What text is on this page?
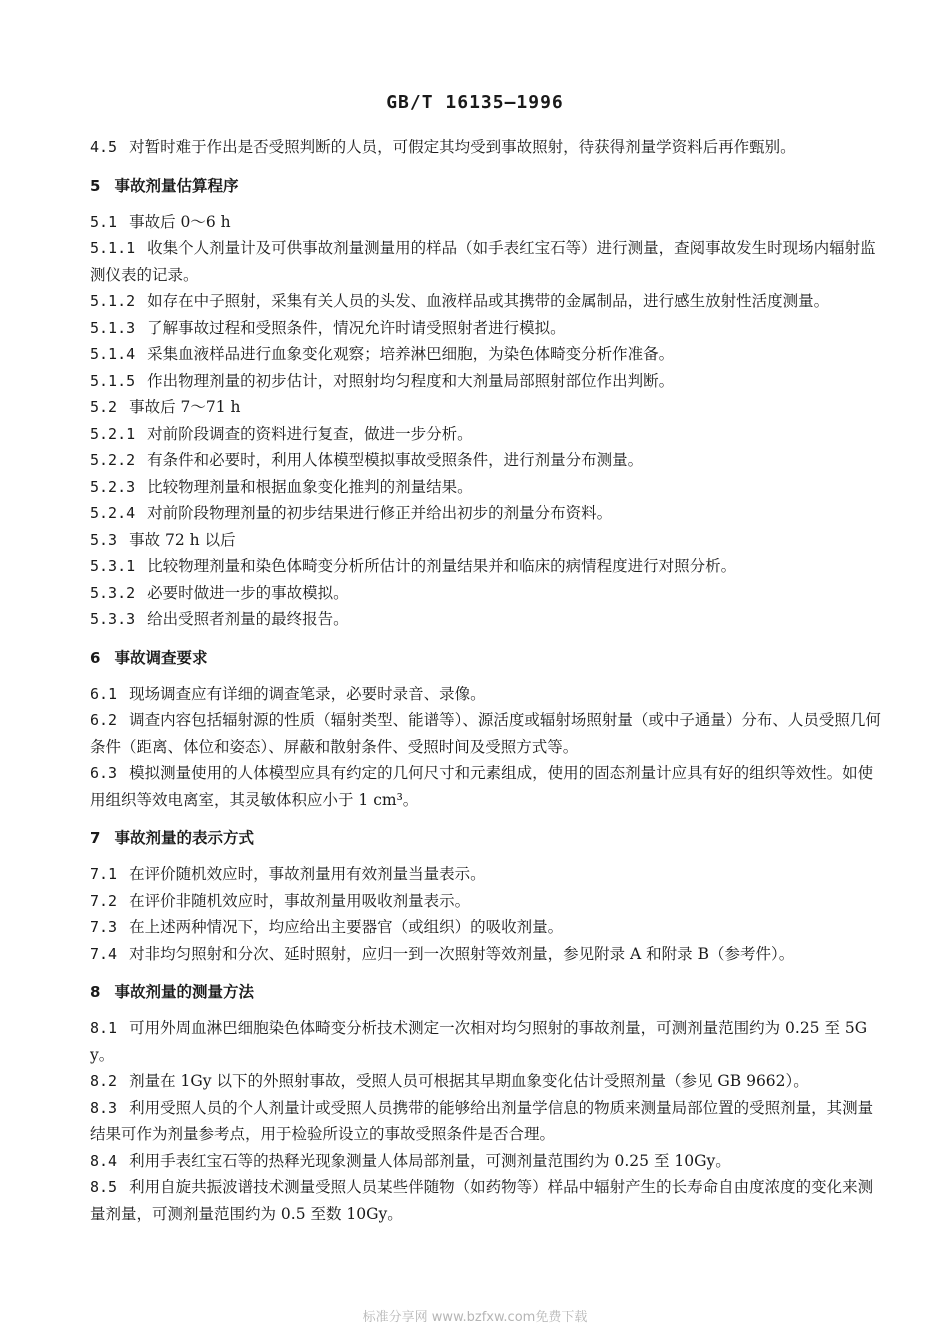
GB/T 16135—1996

4.5 对暂时难于作出是否受照判断的人员，可假定其均受到事故照射，待获得剂量学资料后再作甄别。

5 事故剂量估算程序

5.1 事故后 0～6 h

5.1.1 收集个人剂量计及可供事故剂量测量用的样品（如手表红宝石等）进行测量，查阅事故发生时现场内辐射监测仪表的记录。

5.1.2 如存在中子照射，采集有关人员的头发、血液样品或其携带的金属制品，进行感生放射性活度测量。

5.1.3 了解事故过程和受照条件，情况允许时请受照射者进行模拟。

5.1.4 采集血液样品进行血象变化观察；培养淋巴细胞，为染色体畸变分析作准备。

5.1.5 作出物理剂量的初步估计，对照射均匀程度和大剂量局部照射部位作出判断。

5.2 事故后 7～71 h

5.2.1 对前阶段调查的资料进行复查，做进一步分析。

5.2.2 有条件和必要时，利用人体模型模拟事故受照条件，进行剂量分布测量。

5.2.3 比较物理剂量和根据血象变化推判的剂量结果。

5.2.4 对前阶段物理剂量的初步结果进行修正并给出初步的剂量分布资料。

5.3 事故 72 h 以后

5.3.1 比较物理剂量和染色体畸变分析所估计的剂量结果并和临床的病情程度进行对照分析。

5.3.2 必要时做进一步的事故模拟。

5.3.3 给出受照者剂量的最终报告。

6 事故调查要求

6.1 现场调查应有详细的调查笔录，必要时录音、录像。

6.2 调查内容包括辐射源的性质（辐射类型、能谱等）、源活度或辐射场照射量（或中子通量）分布、人员受照几何条件（距离、体位和姿态）、屏蔽和散射条件、受照时间及受照方式等。

6.3 模拟测量使用的人体模型应具有约定的几何尺寸和元素组成，使用的固态剂量计应具有好的组织等效性。如使用组织等效电离室，其灵敏体积应小于 1 cm³。

7 事故剂量的表示方式

7.1 在评价随机效应时，事故剂量用有效剂量当量表示。

7.2 在评价非随机效应时，事故剂量用吸收剂量表示。

7.3 在上述两种情况下，均应给出主要器官（或组织）的吸收剂量。

7.4 对非均匀照射和分次、延时照射，应归一到一次照射等效剂量，参见附录 A 和附录 B（参考件）。

8 事故剂量的测量方法

8.1 可用外周血淋巴细胞染色体畸变分析技术测定一次相对均匀照射的事故剂量，可测剂量范围约为 0.25 至 5Gy。

8.2 剂量在 1Gy 以下的外照射事故，受照人员可根据其早期血象变化估计受照剂量（参见 GB 9662）。

8.3 利用受照人员的个人剂量计或受照人员携带的能够给出剂量学信息的物质来测量局部位置的受照剂量，其测量结果可作为剂量参考点，用于检验所设立的事故受照条件是否合理。

8.4 利用手表红宝石等的热释光现象测量人体局部剂量，可测剂量范围约为 0.25 至 10Gy。

8.5 利用自旋共振波谱技术测量受照人员某些伴随物（如药物等）样品中辐射产生的长寿命自由度浓度的变化来测量剂量，可测剂量范围约为 0.5 至数 10Gy。

标准分享网 www.bzfxw.com免费下载
